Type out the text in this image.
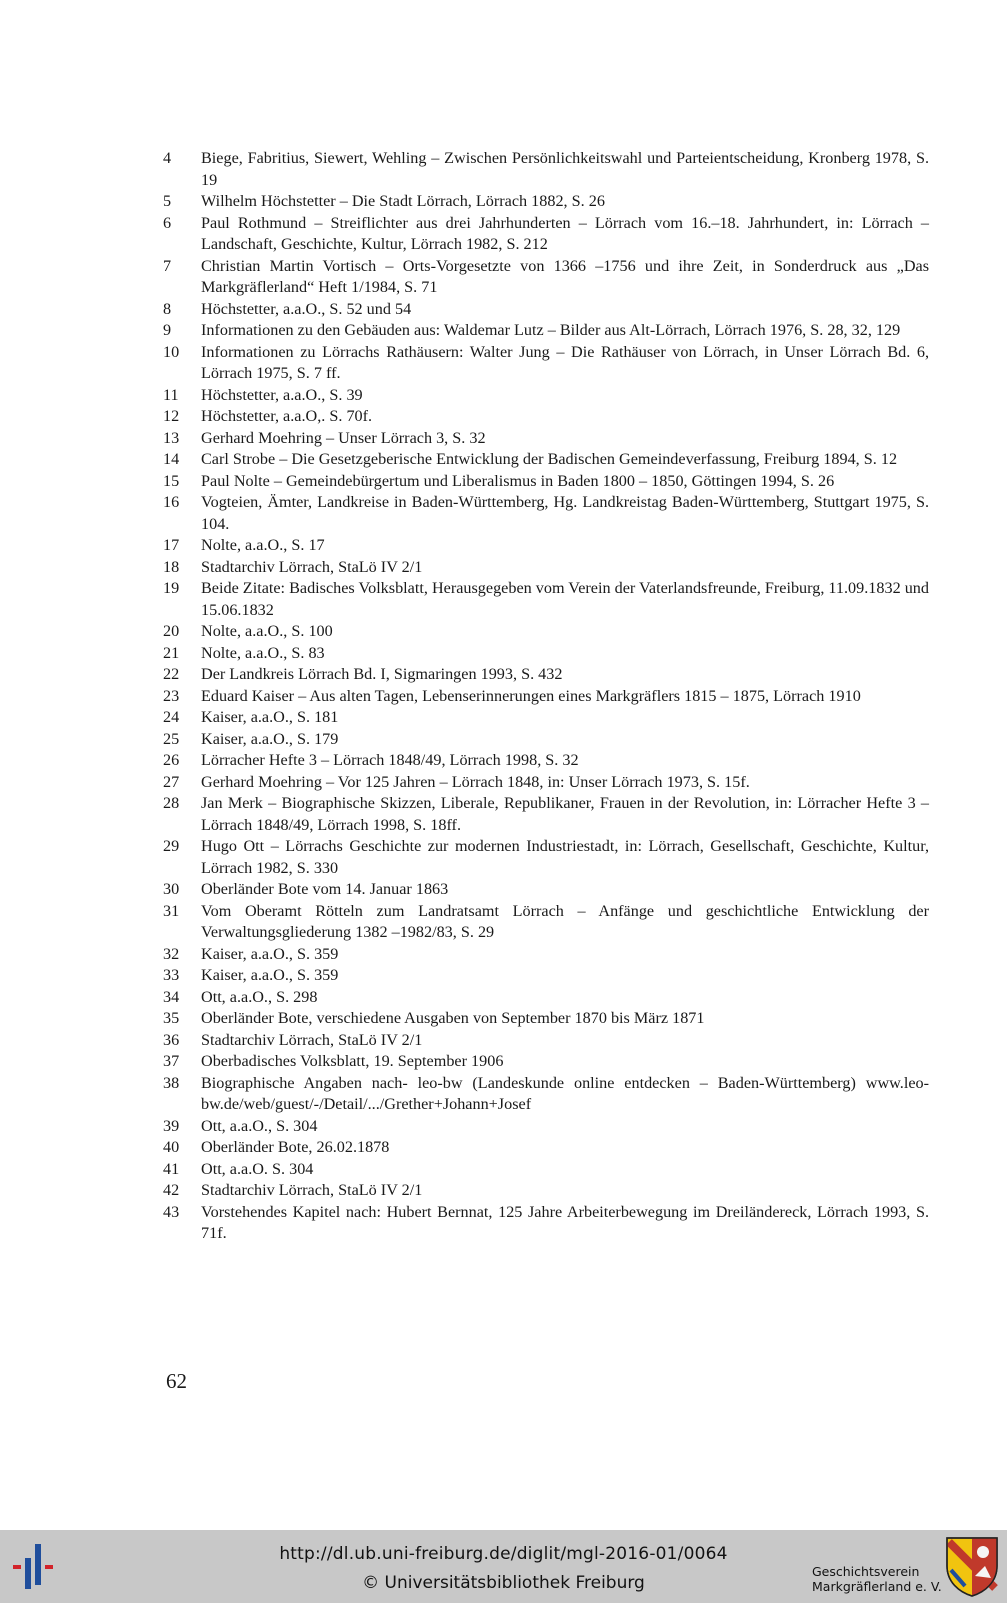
4	Biege, Fabritius, Siewert, Wehling – Zwischen Persönlichkeitswahl und Parteientscheidung, Kronberg 1978, S. 19
5	Wilhelm Höchstetter – Die Stadt Lörrach, Lörrach 1882, S. 26
6	Paul Rothmund – Streiflichter aus drei Jahrhunderten – Lörrach vom 16.–18. Jahrhundert, in: Lörrach – Landschaft, Geschichte, Kultur, Lörrach 1982, S. 212
7	Christian Martin Vortisch – Orts-Vorgesetzte von 1366 –1756 und ihre Zeit, in Sonderdruck aus „Das Markgräflerland“ Heft 1/1984, S. 71
8	Höchstetter, a.a.O., S. 52 und 54
9	Informationen zu den Gebäuden aus: Waldemar Lutz – Bilder aus Alt-Lörrach, Lörrach 1976, S. 28, 32, 129
10	Informationen zu Lörrachs Rathäusern: Walter Jung – Die Rathäuser von Lörrach, in Unser Lörrach Bd. 6, Lörrach 1975, S. 7 ff.
11	Höchstetter, a.a.O., S. 39
12	Höchstetter, a.a.O,. S. 70f.
13	Gerhard Moehring – Unser Lörrach 3, S. 32
14	Carl Strobe – Die Gesetzgeberische Entwicklung der Badischen Gemeindeverfassung, Freiburg 1894, S. 12
15	Paul Nolte – Gemeindebürgertum und Liberalismus in Baden 1800 – 1850, Göttingen 1994, S. 26
16	Vogteien, Ämter, Landkreise in Baden-Württemberg, Hg. Landkreistag Baden-Württemberg, Stuttgart 1975, S. 104.
17	Nolte, a.a.O., S. 17
18	Stadtarchiv Lörrach, StaLö IV 2/1
19	Beide Zitate: Badisches Volksblatt, Herausgegeben vom Verein der Vaterlandsfreunde, Freiburg, 11.09.1832 und 15.06.1832
20	Nolte, a.a.O., S. 100
21	Nolte, a.a.O., S. 83
22	Der Landkreis Lörrach Bd. I, Sigmaringen 1993, S. 432
23	Eduard Kaiser – Aus alten Tagen, Lebenserinnerungen eines Markgräflers 1815 – 1875, Lörrach 1910
24	Kaiser, a.a.O., S. 181
25	Kaiser, a.a.O., S. 179
26	Lörracher Hefte 3 – Lörrach 1848/49, Lörrach 1998, S. 32
27	Gerhard Moehring – Vor 125 Jahren – Lörrach 1848, in: Unser Lörrach 1973, S. 15f.
28	Jan Merk – Biographische Skizzen, Liberale, Republikaner, Frauen in der Revolution, in: Lörracher Hefte 3 – Lörrach 1848/49, Lörrach 1998, S. 18ff.
29	Hugo Ott – Lörrachs Geschichte zur modernen Industriestadt, in: Lörrach, Gesellschaft, Geschichte, Kultur, Lörrach 1982, S. 330
30	Oberländer Bote vom 14. Januar 1863
31	Vom Oberamt Rötteln zum Landratsamt Lörrach – Anfänge und geschichtliche Entwicklung der Verwaltungsgliederung 1382 –1982/83, S. 29
32	Kaiser, a.a.O., S. 359
33	Kaiser, a.a.O., S. 359
34	Ott, a.a.O., S. 298
35	Oberländer Bote, verschiedene Ausgaben von September 1870 bis März 1871
36	Stadtarchiv Lörrach, StaLö IV 2/1
37	Oberbadisches Volksblatt, 19. September 1906
38	Biographische Angaben nach- leo-bw (Landeskunde online entdecken – Baden-Württemberg) www.leo-bw.de/web/guest/-/Detail/.../Grether+Johann+Josef
39	Ott, a.a.O., S. 304
40	Oberländer Bote, 26.02.1878
41	Ott, a.a.O. S. 304
42	Stadtarchiv Lörrach, StaLö IV 2/1
43	Vorstehendes Kapitel nach: Hubert Bernnat, 125 Jahre Arbeiterbewegung im Dreiländereck, Lörrach 1993, S. 71f.
62
http://dl.ub.uni-freiburg.de/diglit/mgl-2016-01/0064
© Universitätsbibliothek Freiburg
Geschichtsverein
Markgräflerland e. V.
